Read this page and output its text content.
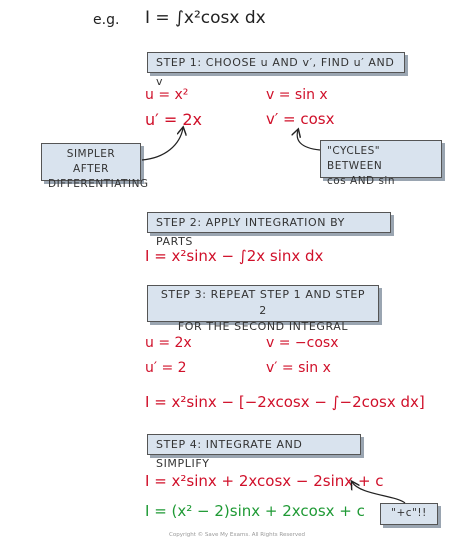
e.g. I = ∫x²cosx dx
STEP 1: CHOOSE u AND v′, FIND u′ AND v
u = x²	v = sin x
u′ = 2x	v′ = cosx
SIMPLER AFTER
DIFFERENTIATING
"CYCLES" BETWEEN
cos AND sin
STEP 2: APPLY INTEGRATION BY PARTS
I = x²sinx − ∫2x sinx dx
STEP 3: REPEAT STEP 1 AND STEP 2
FOR THE SECOND INTEGRAL
u = 2x	v = −cosx
u′ = 2	v′ = sin x
I = x²sinx − [−2xcosx − ∫−2cosx dx]
STEP 4: INTEGRATE AND SIMPLIFY
I = x²sinx + 2xcosx − 2sinx + c
I = (x² − 2)sinx + 2xcosx + c	"+c"!!
Copyright © Save My Exams. All Rights Reserved
